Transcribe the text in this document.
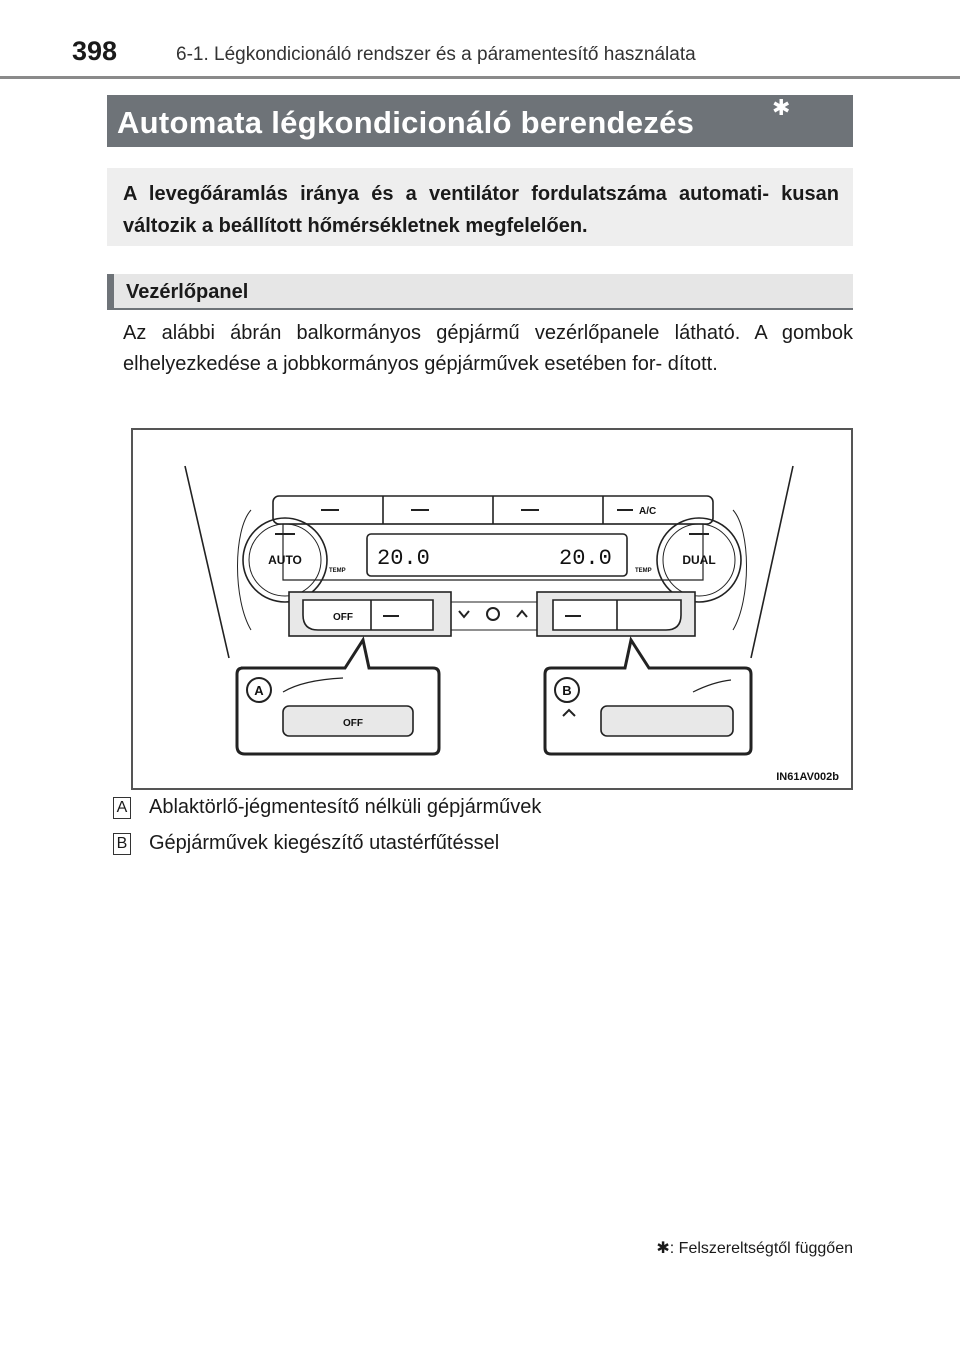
398	6-1. Légkondicionáló rendszer és a páramentesítő használata
Automata légkondicionáló berendezés	✱
A levegőáramlás iránya és a ventilátor fordulatszáma automati- kusan változik a beállított hőmérsékletnek megfelelően.
Vezérlőpanel
Az alábbi ábrán balkormányos gépjármű vezérlőpanele látható. A gombok elhelyezkedése a jobbkormányos gépjárművek esetében for- dított.
AUTO	DUAL
TEMP	TEMP
20.0	20.0
A/C
OFF
OFF
A	B
IN61AV002b
A Ablaktörlő-jégmentesítő nélküli gépjárművek
B Gépjárművek kiegészítő utastérfűtéssel
✱: Felszereltségtől függően
